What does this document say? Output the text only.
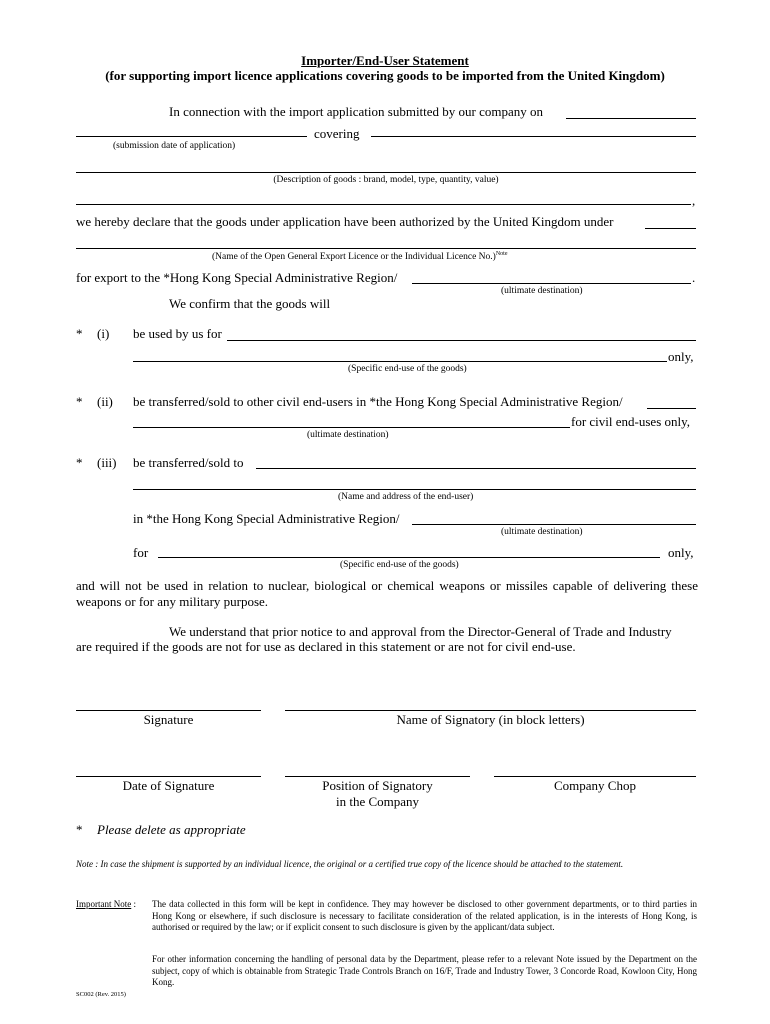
Importer/End-User Statement
(for supporting import licence applications covering goods to be imported from the United Kingdom)
In connection with the import application submitted by our company on
covering
(submission date of application)
(Description of goods : brand, model, type, quantity, value)
,
we hereby declare that the goods under application have been authorized by the United Kingdom under
(Name of the Open General Export Licence or the Individual Licence No.)$^{Note}$
for export to the *Hong Kong Special Administrative Region/	.
(ultimate destination)
We confirm that the goods will
* (i) be used by us for
only,
(Specific end-use of the goods)
* (ii) be transferred/sold to other civil end-users in *the Hong Kong Special Administrative Region/
for civil end-uses only,
(ultimate destination)
* (iii) be transferred/sold to
(Name and address of the end-user)
in *the Hong Kong Special Administrative Region/
(ultimate destination)
for	only,
(Specific end-use of the goods)
and will not be used in relation to nuclear, biological or chemical weapons or missiles capable of delivering these weapons or for any military purpose.
We understand that prior notice to and approval from the Director-General of Trade and Industry
are required if the goods are not for use as declared in this statement or are not for civil end-use.
Signature	Name of Signatory (in block letters)
Date of Signature	Position of Signatory
in the Company
Company Chop
* Please delete as appropriate
Note : In case the shipment is supported by an individual licence, the original or a certified true copy of the licence should be attached to the statement.
Important Note : The data collected in this form will be kept in confidence. They may however be disclosed to other government departments, or to third parties in Hong Kong or elsewhere, if such disclosure is necessary to facilitate consideration of the related application, is in the interests of Hong Kong, is authorised or required by the law; or if explicit consent to such disclosure is given by the applicant/data subject.
For other information concerning the handling of personal data by the Department, please refer to a relevant Note issued by the Department on the subject, copy of which is obtainable from Strategic Trade Controls Branch on 16/F, Trade and Industry Tower, 3 Concorde Road, Kowloon City, Hong Kong.
SC002 (Rev. 2015)
